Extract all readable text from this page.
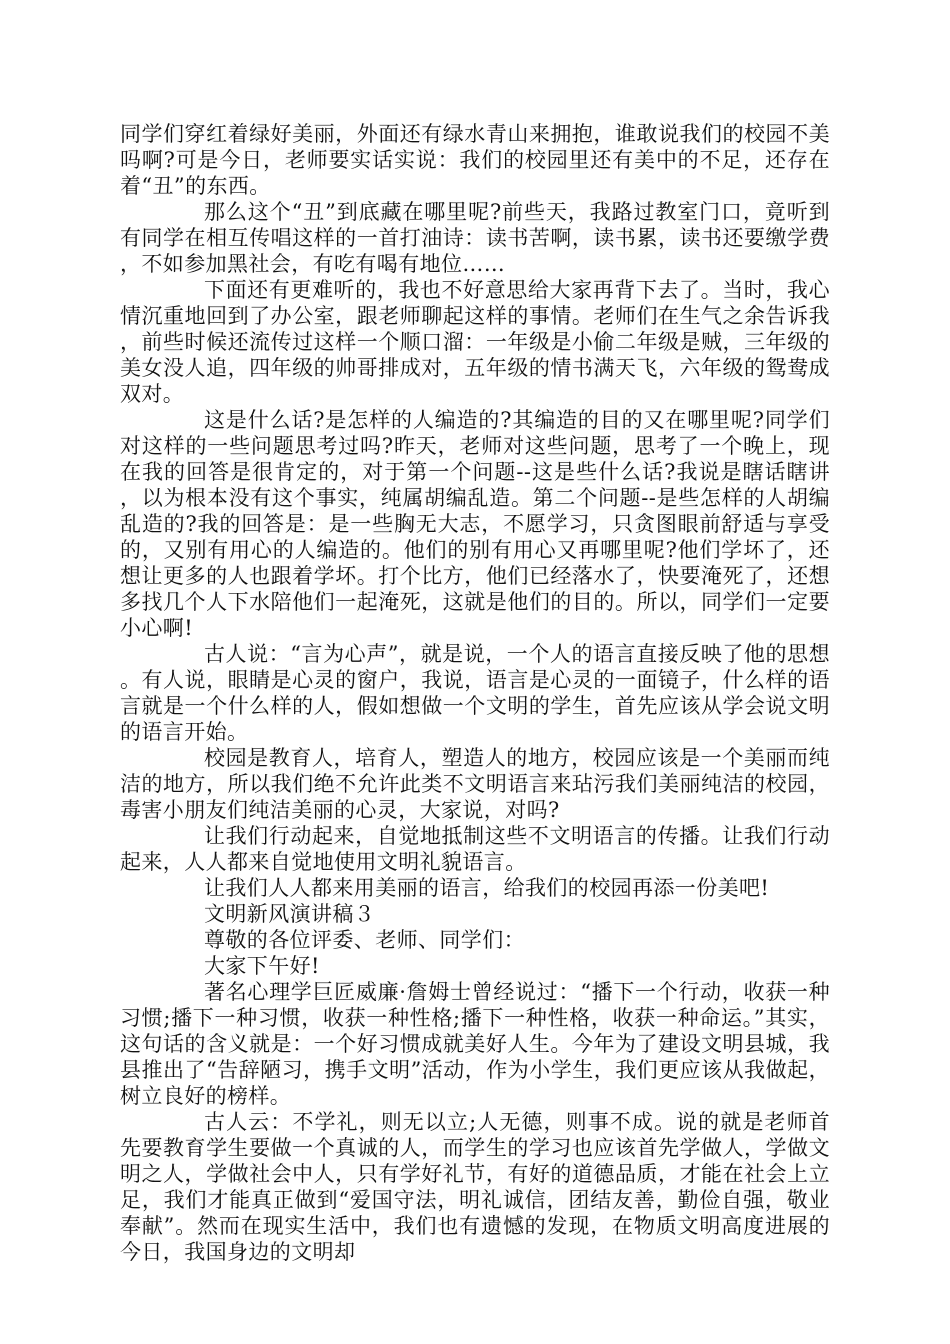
同学们穿红着绿好美丽，外面还有绿水青山来拥抱，谁敢说我们的校园不美吗啊?可是今日，老师要实话实说：我们的校园里还有美中的不足，还存在着“丑”的东西。

那么这个“丑”到底藏在哪里呢?前些天，我路过教室门口，竟听到有同学在相互传唱这样的一首打油诗：读书苦啊，读书累，读书还要缴学费，不如参加黑社会，有吃有喝有地位……

下面还有更难听的，我也不好意思给大家再背下去了。当时，我心情沉重地回到了办公室，跟老师聊起这样的事情。老师们在生气之余告诉我，前些时候还流传过这样一个顺口溜：一年级是小偷二年级是贼，三年级的美女没人追，四年级的帅哥排成对，五年级的情书满天飞，六年级的鸳鸯成双对。

这是什么话?是怎样的人编造的?其编造的目的又在哪里呢?同学们对这样的一些问题思考过吗?昨天，老师对这些问题，思考了一个晚上，现在我的回答是很肯定的，对于第一个问题--这是些什么话?我说是瞎话瞎讲，以为根本没有这个事实，纯属胡编乱造。第二个问题--是些怎样的人胡编乱造的?我的回答是：是一些胸无大志，不愿学习，只贪图眼前舒适与享受的，又别有用心的人编造的。他们的别有用心又再哪里呢?他们学坏了，还想让更多的人也跟着学坏。打个比方，他们已经落水了，快要淹死了，还想多找几个人下水陪他们一起淹死，这就是他们的目的。所以，同学们一定要小心啊!

古人说：“言为心声”，就是说，一个人的语言直接反映了他的思想。有人说，眼睛是心灵的窗户，我说，语言是心灵的一面镜子，什么样的语言就是一个什么样的人，假如想做一个文明的学生，首先应该从学会说文明的语言开始。

校园是教育人，培育人，塑造人的地方，校园应该是一个美丽而纯洁的地方，所以我们绝不允许此类不文明语言来玷污我们美丽纯洁的校园，毒害小朋友们纯洁美丽的心灵，大家说，对吗?

让我们行动起来，自觉地抵制这些不文明语言的传播。让我们行动起来，人人都来自觉地使用文明礼貌语言。

让我们人人都来用美丽的语言，给我们的校园再添一份美吧!

文明新风演讲稿３

尊敬的各位评委、老师、同学们：

大家下午好!

著名心理学巨匠威廉·詹姆士曾经说过：“播下一个行动，收获一种习惯;播下一种习惯，收获一种性格;播下一种性格，收获一种命运。”其实，这句话的含义就是：一个好习惯成就美好人生。今年为了建设文明县城，我县推出了“告辞陋习，携手文明”活动，作为小学生，我们更应该从我做起，树立良好的榜样。

古人云：不学礼，则无以立;人无德，则事不成。说的就是老师首先要教育学生要做一个真诚的人，而学生的学习也应该首先学做人，学做文明之人，学做社会中人，只有学好礼节，有好的道德品质，才能在社会上立足，我们才能真正做到“爱国守法，明礼诚信，团结友善，勤俭自强，敬业奉献”。然而在现实生活中，我们也有遗憾的发现，在物质文明高度进展的今日，我国身边的文明却
